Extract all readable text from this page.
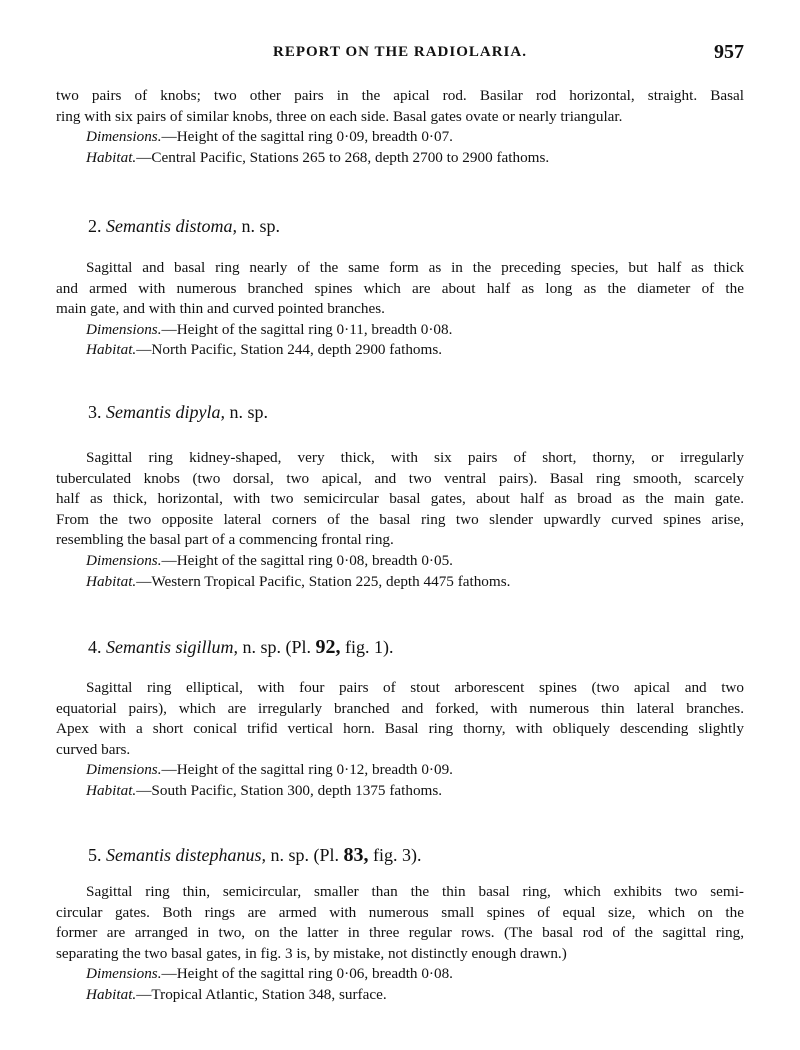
REPORT ON THE RADIOLARIA.	957

two pairs of knobs; two other pairs in the apical rod. Basilar rod horizontal, straight. Basal
ring with six pairs of similar knobs, three on each side. Basal gates ovate or nearly triangular.
Dimensions.—Height of the sagittal ring 0·09, breadth 0·07.
Habitat.—Central Pacific, Stations 265 to 268, depth 2700 to 2900 fathoms.

2. Semantis distoma, n. sp.

Sagittal and basal ring nearly of the same form as in the preceding species, but half as thick
and armed with numerous branched spines which are about half as long as the diameter of the
main gate, and with thin and curved pointed branches.
Dimensions.—Height of the sagittal ring 0·11, breadth 0·08.
Habitat.—North Pacific, Station 244, depth 2900 fathoms.

3. Semantis dipyla, n. sp.

Sagittal ring kidney-shaped, very thick, with six pairs of short, thorny, or irregularly
tuberculated knobs (two dorsal, two apical, and two ventral pairs). Basal ring smooth, scarcely
half as thick, horizontal, with two semicircular basal gates, about half as broad as the main gate.
From the two opposite lateral corners of the basal ring two slender upwardly curved spines arise,
resembling the basal part of a commencing frontal ring.
Dimensions.—Height of the sagittal ring 0·08, breadth 0·05.
Habitat.—Western Tropical Pacific, Station 225, depth 4475 fathoms.

4. Semantis sigillum, n. sp. (Pl. 92, fig. 1).

Sagittal ring elliptical, with four pairs of stout arborescent spines (two apical and two
equatorial pairs), which are irregularly branched and forked, with numerous thin lateral branches.
Apex with a short conical trifid vertical horn. Basal ring thorny, with obliquely descending slightly
curved bars.
Dimensions.—Height of the sagittal ring 0·12, breadth 0·09.
Habitat.—South Pacific, Station 300, depth 1375 fathoms.

5. Semantis distephanus, n. sp. (Pl. 83, fig. 3).

Sagittal ring thin, semicircular, smaller than the thin basal ring, which exhibits two semi-
circular gates. Both rings are armed with numerous small spines of equal size, which on the
former are arranged in two, on the latter in three regular rows. (The basal rod of the sagittal ring,
separating the two basal gates, in fig. 3 is, by mistake, not distinctly enough drawn.)
Dimensions.—Height of the sagittal ring 0·06, breadth 0·08.
Habitat.—Tropical Atlantic, Station 348, surface.
